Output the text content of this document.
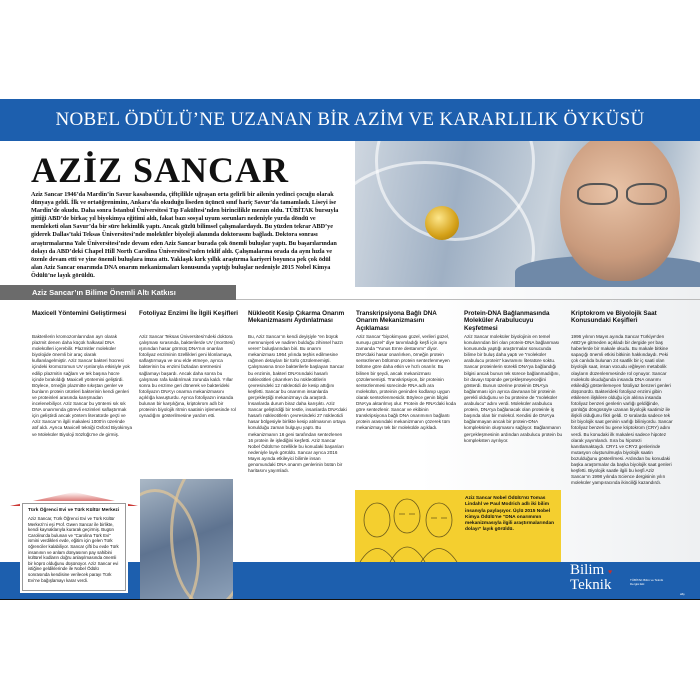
NOBEL ÖDÜLÜ’NE UZANAN BİR AZİM VE KARARLILIK ÖYKÜSÜ
AZİZ SANCAR

Aziz Sancar 1946’da Mardin’in Savur kasabasında, çiftçilikle uğraşan orta gelirli bir ailenin yedinci çocuğu olarak dünyaya geldi. İlk ve ortaöğreniminı, Ankara’da okuduğu liseden üçüncü sınıf hariç Savur’da tamamladı. Liseyi ise Mardin’de okudu. Daha sonra İstanbul Üniversitesi Tıp Fakültesi’nden birincilikle mezun oldu. TÜBİTAK bursuyla gittiği ABD’de birkaç yıl biyokimya eğitimi aldı, fakat bazı sosyal uyum sorunları nedeniyle yurda döndü ve memleketi olan Savur’da bir süre hekimlik yaptı. Ancak güzlü bilimsel çalışmalardaydı. Bu yüzden tekrar ABD’ye giderek Dallas’taki Teksas Üniversitesi’nde moleküler biyoloji alanında doktorasını bağladı. Doktora sonrası araştırmalarına Yale Üniversitesi’nde devam eden Aziz Sancar burada çok önemli buluşlar yaptı. Bu başarılarından dolayı da ABD’deki Chapel Hill North Carolina Üniversitesi’nden teklif aldı. Çalışmalarına orada da aynı hızla ve özenle devam etti ve yine önemli buluşlara imza attı. Yaklaşık kırk yıllık araştırma kariyeri boyunca pek çok ödül alan Aziz Sancar onarımda DNA onarım mekanizmaları konusunda yaptığı buluşlar nedeniyle 2015 Nobel Kimya Ödülü’ne layık görüldü.

Aziz Sancar’ın Bilime Önemli Altı Katkısı
Maxicell Yöntemini Geliştirmesi

Bakterilerin kromozomlarından ayrı olarak plazmit denen daha küçük halkasal DNA molekülleri içerebilir. Plazmitler moleküler biyolojide önemli bir araç olarak kullanılagelmiştir. Aziz Sancar bakteri hücresi içindeki kromozomun UV ışınlarıyla etkisiyle yok edilip plazmitin sağlam ve tek başına hücre içinde bırakıldığı Maxicell yöntemini geliştirdi. Böylece, örneğin plazmitte sıkıştan genler ve bunların protein ürünleri bakterinin kendi genleri ve proteinleri arasında karışmadan incelenebiliyor. Aziz Sancar bu yöntemi sık sık DNA onarımında görevli enzimleri saflaştırmak için geliştirdi ancak yöntem literatürde geçti ve Aziz Sancar’ın ilgili makalesi 1000’in üzerinde atıf aldı. Ayrıca Maxicell tekniği Oxford Biyokimya ve Moleküler Biyoloji Sözlüğü’ne de girmiş.

Fotoliyaz Enzimi İle İlgili Keşifleri

Aziz Sancar Teksas Üniversitesi’ndeki doktora çalışması sırasında, bakterilerde UV (morötesi) ışınından hasar görmüş DNA’nın onarılan fotoliyaz enziminin özellikleri geni klonlamaya, saflaştırmaya ve onu elde etmeye, ayrıca bakterinin bu enzimi fazladan üretmesini sağlamayı başardı. Ancak daha sonra bu çalışması rafa kaldırılmak zorunda kaldı. Yıllar sonra bu enzime geri dönerek ve bakterideki fotoliyazın DNA’yı onarma mekanizmasını açıklığa kavuşturdu. Ayrıca fotoliyazın insanda bulunan bir karşılığına, kriptokrom adlı bir proteinin biyolojik ritmin saatinin işlemesinde rol oynadığını gösterilmesine yardım etti.

Nükleotit Kesip Çıkarma Onarım Mekanizmasını Aydınlatması

Bu, Aziz Sancar’ın kendi deyişiyle “en büyük memnuniyeti ve nadiren bulduğu zihinsel hazzı veren” buluşlarından biri. Bu onarım mekanizması 1964 yılında teşhis edilmesine rağmen detayları bir türlü çözülememişti. Çalışmasına önce bakterilerle başlayan Sancar bu enzimin, bakteri DNA’sındaki hasarlı nükleotitleri çıkarırken bu nükleotitlerin çevresindeki 12 nükleotidi de kesip attığını keşfetti. Sancar bu onarımın insanlarda gerçekleştiği mekanizmayı da araştırdı. İnsanlarda durum biraz daha karışıktı. Aziz Sancar geliştirdiği bir testle, insanlarda DNA’daki hasarlı nükleotitlerin çevresindeki 27 nükleotidi hasar bölgesiyle birlikte kesip atılmasının ortaya konulduğu zaman bulguyu yaptı. Bu mekanizmanın 16 geni tarafından sentezlenen 16 protein ile işlediğini keşfetti. Aziz Sancar Nobel Ödülü’ne özellikle bu konudaki başarıları nedeniyle layık görüldü. Sancar ayrıca 2016 Mayıs ayında etkileyici bilimle insan genomundaki DNA onarım genlerinin bütün bir haritasını yayımladı.

Transkripsiyona Bağlı DNA Onarım Mekanizmasını Açıklaması

Aziz Sancar “biyokimyası güzel, verileri güzel, sunuşu güzel” diye tanımladığı keşfi için aynı zamanda “Yunus Emre destanımı” diyor. DNA’daki hasar onarılırken, örneğin protein sentezlenen bölümün protein sentezlenmeyen bölüme göre daha etkin ve hızlı onarılır. Bu bilinen bir şeydi, ancak mekanizması çözülememişti. Transkripsiyon, bir proteinin sentezlenmesi sürecinde RNA adlı ara molekülün, proteinin geninden kodlanıp uygun olarak sentezlenmesidir. Böylece genin bilgisi DNA’ya aktarılmış olur. Protein de RNA’daki koda göre sentezlenir. Sancar ve ekibinin transkripsiyona bağlı DNA onarımının bağlantı protein arasındaki mekanizmanın çözerek tüm mekanizmayı tek bir molekülde açıkladı.

Protein-DNA Bağlanmasında Moleküler Arabulucuyu Keşfetmesi

Aziz Sancar moleküler biyolojinin en temel konularından biri olan protein-DNA bağlanması konusunda yaptığı araştırmalar sonucunda bilime bir buluş daha yaptı ve “moleküler arabulucu protein” kavramını literatüre soktu. Sancar proteinlerin sürekli DNA’ya bağlandığı bilgisi ancak bunun tek sürece bağlanmadığını, bir davayı tüpünde gerçekleşmeyeceğini gösterdi. Bunun üzerine proteinin DNA’ya bağlanması için ayrıca davranan bir proteinin gerekli olduğunu ve bu proteine de “moleküler arabulucu” adını verdi. Moleküler arabulucu protein, DNA’ya bağlanacak olan proteinle iş başında olan bir molekül. Kendisi de DNA’ya bağlanmayan ancak bir protein-DNA kompleksinin oluşmasını sağlıyor. Bağlanmanın gerçekleşmesinin ardından arabulucu protein bu kompleksten ayrılıyor.

Kriptokrom ve Biyolojik Saat Konusundaki Keşifleri

1996 yılının Mayıs ayında Sancar Türkiye’den ABD’ye gitmeden açıkladı bir dergide yer baş haberlerde bir makale okudu. Bu makale bitkine sapaçığı önemli etkisi bitkinin hakkındaydı. Peki çok canlıda bulunan 24 saatlik bir iç saati olan biyolojik saat, insan vücudu ıeğleyen metabolik olayların düzenlenmesinde rol oynuyor. Sancar molekülü okuduğunda insanda DNA onarımı etkilediği gösterilemeyen fotoliyaz benzeri genleri düşünürdü. Bakterideki fotoliyaz enzimi gibin etkilenen ilişkilere olduğu için aklına insanda fotoliyaz benzeri genlerin varlığı geldiğinde, günlüğü döngüsüyle uzanan biyolojik saatimiz ile ilişkili olduğunu fikri geldi. O sıralarda sadece tek bir biyolojik saat geninin varlığı biliniyordu. Sancar fotoliyaz benzeri bu gene kriptokrom (CRY) adını verdi. Bu konudaki ilk makalesi sadece hipotez olarak yayımlandı. Sıra bu hipotezi kanıtlamaktaydı. CRY1 ve CRY2 genlerinde mutasyon oluşturulmuşla biyolojik saatin bozulduğunu gösterilmesi. Ardından bu konudaki başka araştırmalar da başka biyolojik saat genleri keşfetti. Biyolojik saatle ilgili bu keşfi Aziz Sancar’ın 1998 yılında Science dergisinin yılın moleküler yampıracında ikinciliği kazandırdı.

Bilim ♥
Teknik	TÜBİTAK Bilim ve Teknik Dergisi Eki
afiş
Türk Öğrenci Evi ve Türk Kültür Merkezi

Aziz Sancar, Türk Öğrenci Evi ve Türk Kültür Merkezi’ni eşi Prof. Gwen Sancar ile birlikte, kendi kaynaklarıyla kurarak geçirmiş. Bugün Carolina’da bulunan ve “Carolina Türk Evi” ismini verdikleri evde, eğitim için gelen Türk öğrenciler kalabiliyor. Sancar çifti bu evde Türk insanının ve anlam dünyasının pay sahibini kültürel kodların doğru anlaşılmasında önemli bir köprü olduğunu düşünüyor. Aziz Sancar evi istiğine geldiklerinde ile Nobel Ödülü sonrasında kendisine verilecek parayı Türk Evi’ne bağışlamayı karar verdi.

Aziz Sancar Nobel Ödülü’nü Tomas Lindahl ve Paul Modrich adlı iki bilim insanıyla paylaşıyor. Üçlü 2015 Nobel Kimya Ödülü’ne “DNA onarımının mekanizmasıyla ilgili araştırmalarından dolayı” layık görüldü.
